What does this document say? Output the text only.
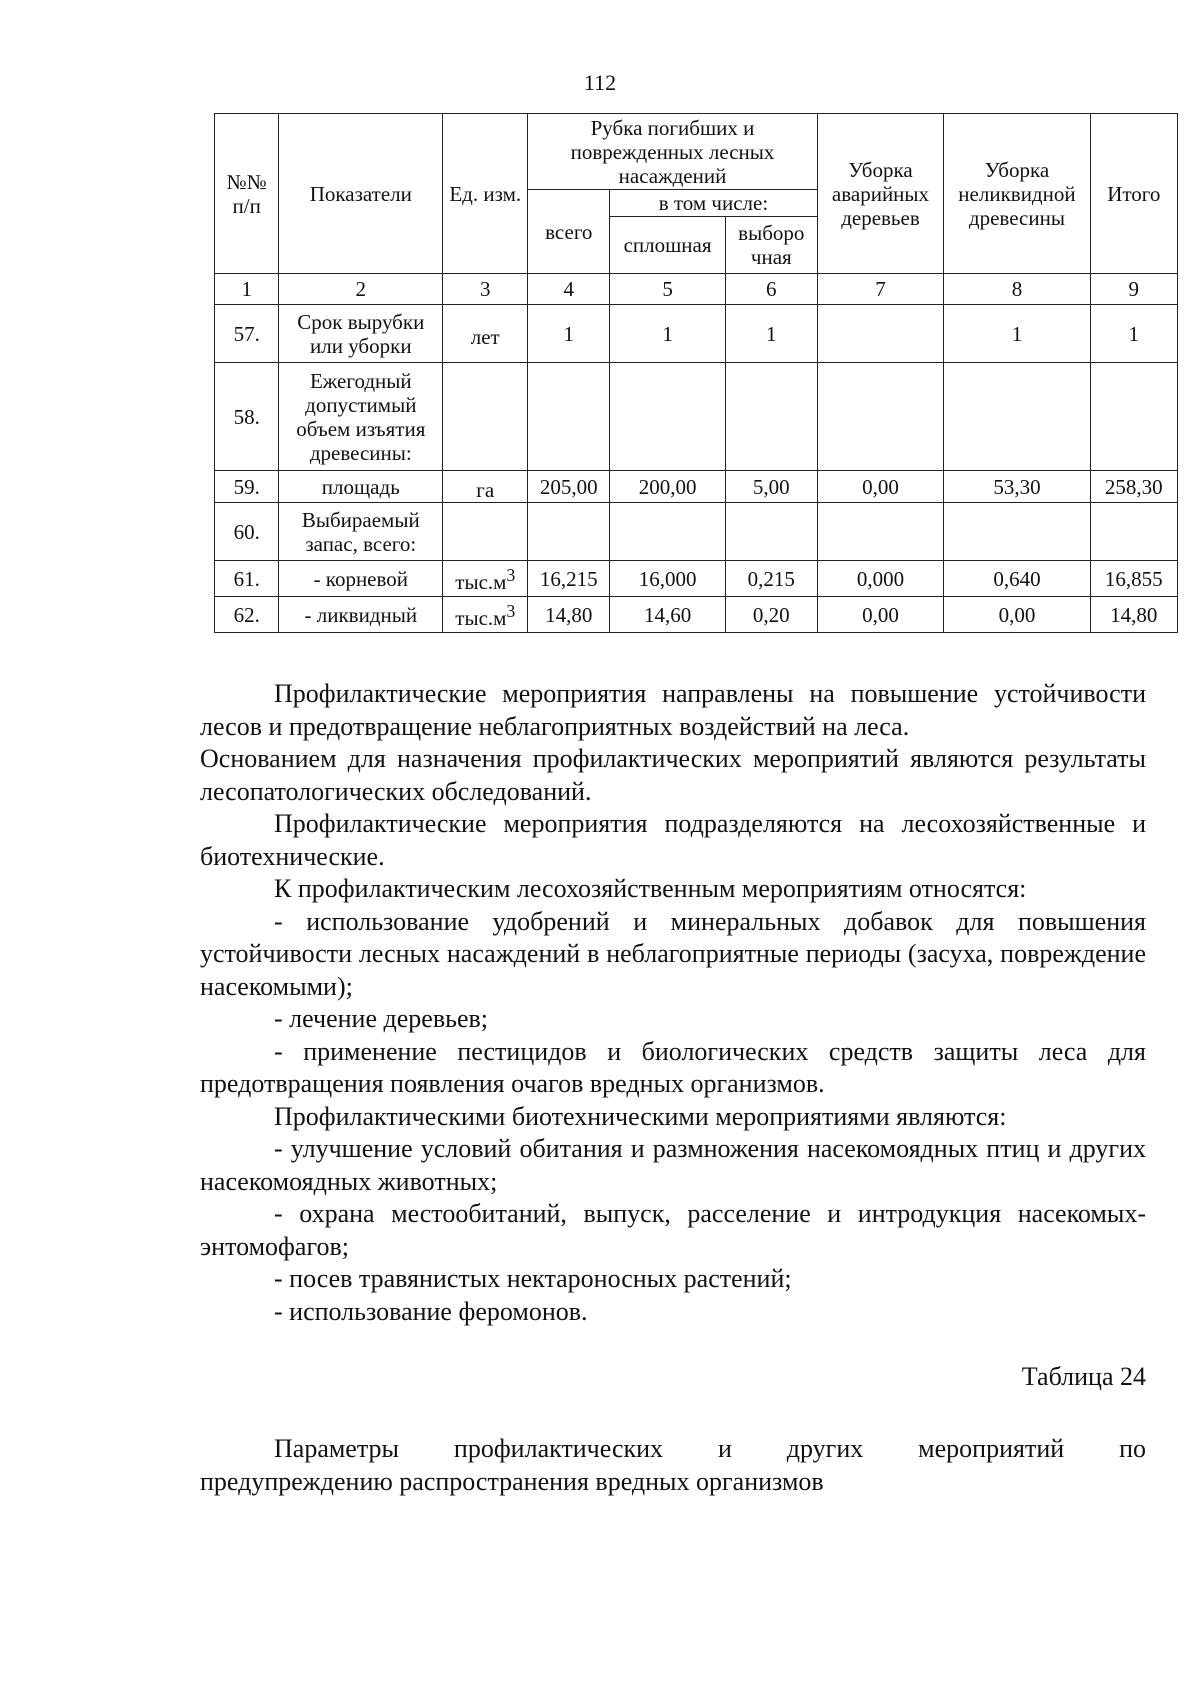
112
№№ п/п	Показатели	Ед. изм.	Рубка погибших и поврежденных лесных насаждений			Уборка аварийных деревьев	Уборка неликвидной древесины	Итого
			всего	в том числе:				
				сплошная	выборо чная			
1	2	3	4	5	6	7	8	9
57.	Срок вырубки или уборки	лет	1	1	1		1	1
58.	Ежегодный допустимый объем изъятия древесины:							
59.	площадь	га	205,00	200,00	5,00	0,00	53,30	258,30
60.	Выбираемый запас, всего:							
61.	- корневой	$тыс.м^3$	16,215	16,000	0,215	0,000	0,640	16,855
62.	- ликвидный	$тыс.м^3$	14,80	14,60	0,20	0,00	0,00	14,80

Профилактические мероприятия направлены на повышение устойчивости лесов и предотвращение неблагоприятных воздействий на леса.

Основанием для назначения профилактических мероприятий являются результаты лесопатологических обследований.

Профилактические мероприятия подразделяются на лесохозяйственные и биотехнические.

К профилактическим лесохозяйственным мероприятиям относятся:

- использование удобрений и минеральных добавок для повышения устойчивости лесных насаждений в неблагоприятные периоды (засуха, повреждение насекомыми);

- лечение деревьев;

- применение пестицидов и биологических средств защиты леса для предотвращения появления очагов вредных организмов.

Профилактическими биотехническими мероприятиями являются:

- улучшение условий обитания и размножения насекомоядных птиц и других насекомоядных животных;

- охрана местообитаний, выпуск, расселение и интродукция насекомых-энтомофагов;

- посев травянистых нектароносных растений;

- использование феромонов.

Таблица 24

Параметры профилактических и других мероприятий по

предупреждению распространения вредных организмов
